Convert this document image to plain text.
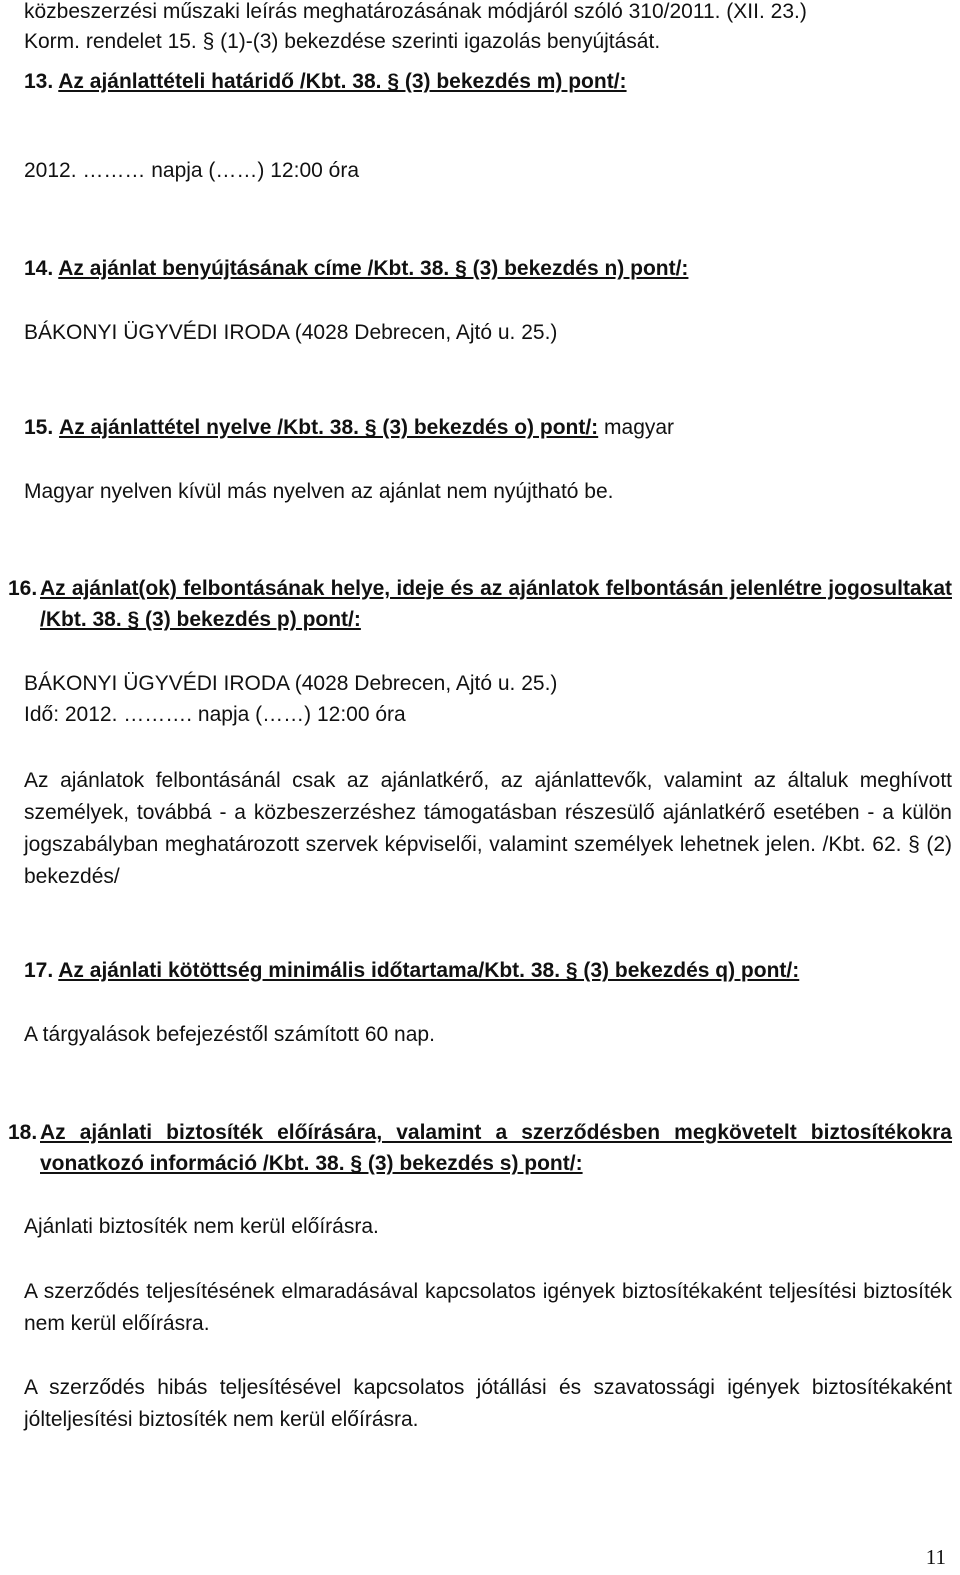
közbeszerzési műszaki leírás meghatározásának módjáról szóló 310/2011. (XII. 23.)
Korm. rendelet 15. § (1)-(3) bekezdése szerinti igazolás benyújtását.
13. Az ajánlattételi határidő /Kbt. 38. § (3) bekezdés m) pont/:
2012. ……… napja (……) 12:00 óra
14. Az ajánlat benyújtásának címe /Kbt. 38. § (3) bekezdés n) pont/:
BÁKONYI ÜGYVÉDI IRODA (4028 Debrecen, Ajtó u. 25.)
15. Az ajánlattétel nyelve /Kbt. 38. § (3) bekezdés o) pont/: magyar
Magyar nyelven kívül más nyelven az ajánlat nem nyújtható be.
16. Az ajánlat(ok) felbontásának helye, ideje és az ajánlatok felbontásán jelenlétre jogosultakat /Kbt. 38. § (3) bekezdés p) pont/:
BÁKONYI ÜGYVÉDI IRODA (4028 Debrecen, Ajtó u. 25.)
Idő: 2012. ………. napja (……) 12:00 óra
Az ajánlatok felbontásánál csak az ajánlatkérő, az ajánlattevők, valamint az általuk meghívott személyek, továbbá - a közbeszerzéshez támogatásban részesülő ajánlatkérő esetében - a külön jogszabályban meghatározott szervek képviselői, valamint személyek lehetnek jelen. /Kbt. 62. § (2) bekezdés/
17. Az ajánlati kötöttség minimális időtartama/Kbt. 38. § (3) bekezdés q) pont/:
A tárgyalások befejezéstől számított 60 nap.
18. Az ajánlati biztosíték előírására, valamint a szerződésben megkövetelt biztosítékokra vonatkozó információ /Kbt. 38. § (3) bekezdés s) pont/:
Ajánlati biztosíték nem kerül előírásra.
A szerződés teljesítésének elmaradásával kapcsolatos igények biztosítékaként teljesítési biztosíték nem kerül előírásra.
A szerződés hibás teljesítésével kapcsolatos jótállási és szavatossági igények biztosítékaként jólteljesítési biztosíték nem kerül előírásra.
11
